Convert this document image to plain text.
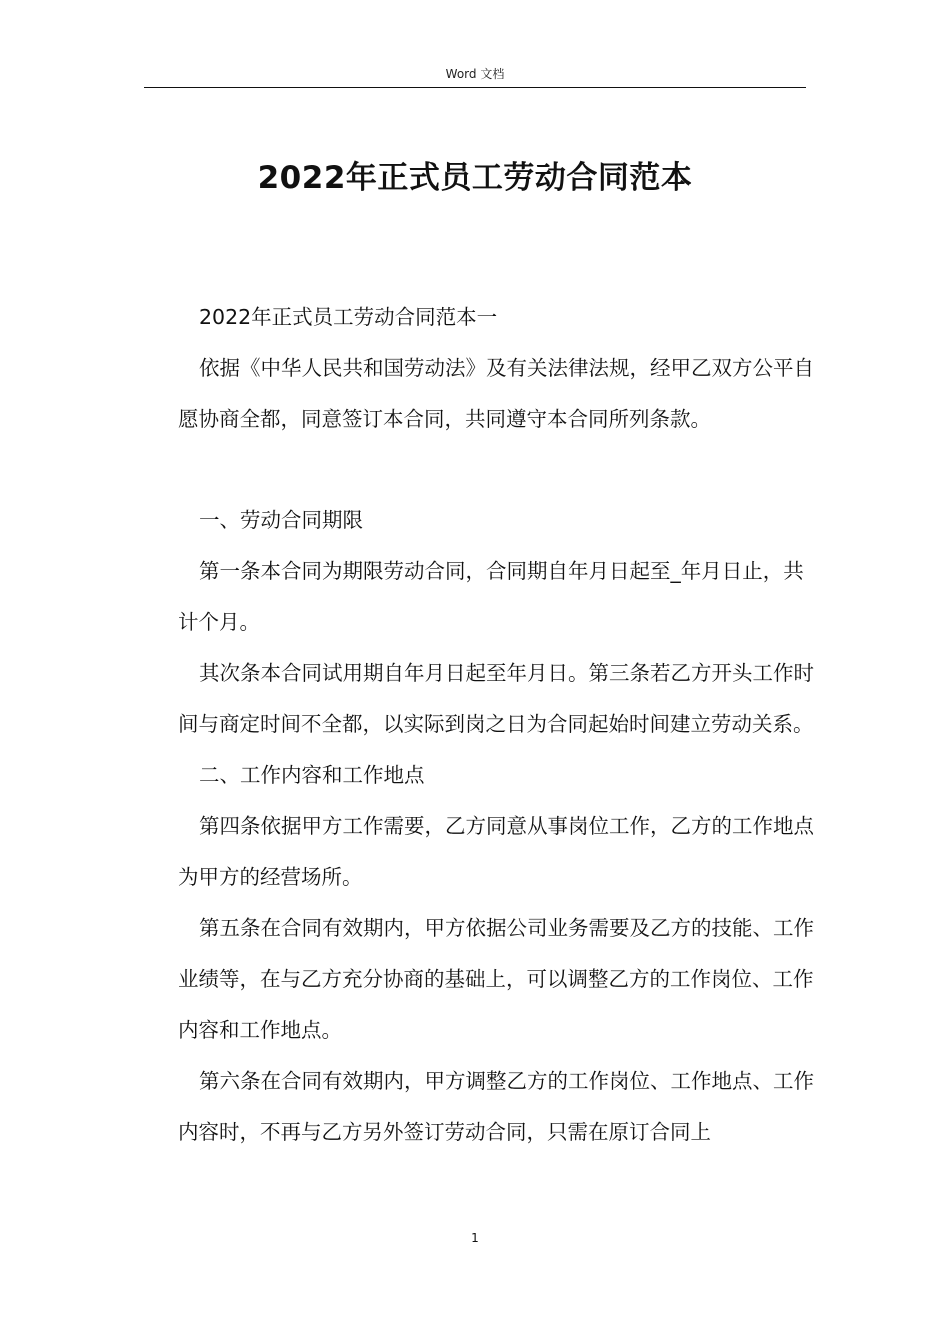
Word 文档
2022年正式员工劳动合同范本

2022年正式员工劳动合同范本一

依据《中华人民共和国劳动法》及有关法律法规，经甲乙双方公平自愿协商全都，同意签订本合同，共同遵守本合同所列条款。

一、劳动合同期限

第一条本合同为期限劳动合同，合同期自年月日起至_年月日止，共计个月。

其次条本合同试用期自年月日起至年月日。第三条若乙方开头工作时间与商定时间不全都，以实际到岗之日为合同起始时间建立劳动关系。

二、工作内容和工作地点

第四条依据甲方工作需要，乙方同意从事岗位工作，乙方的工作地点为甲方的经营场所。

第五条在合同有效期内，甲方依据公司业务需要及乙方的技能、工作业绩等，在与乙方充分协商的基础上，可以调整乙方的工作岗位、工作内容和工作地点。

第六条在合同有效期内，甲方调整乙方的工作岗位、工作地点、工作内容时，不再与乙方另外签订劳动合同，只需在原订合同上

1
